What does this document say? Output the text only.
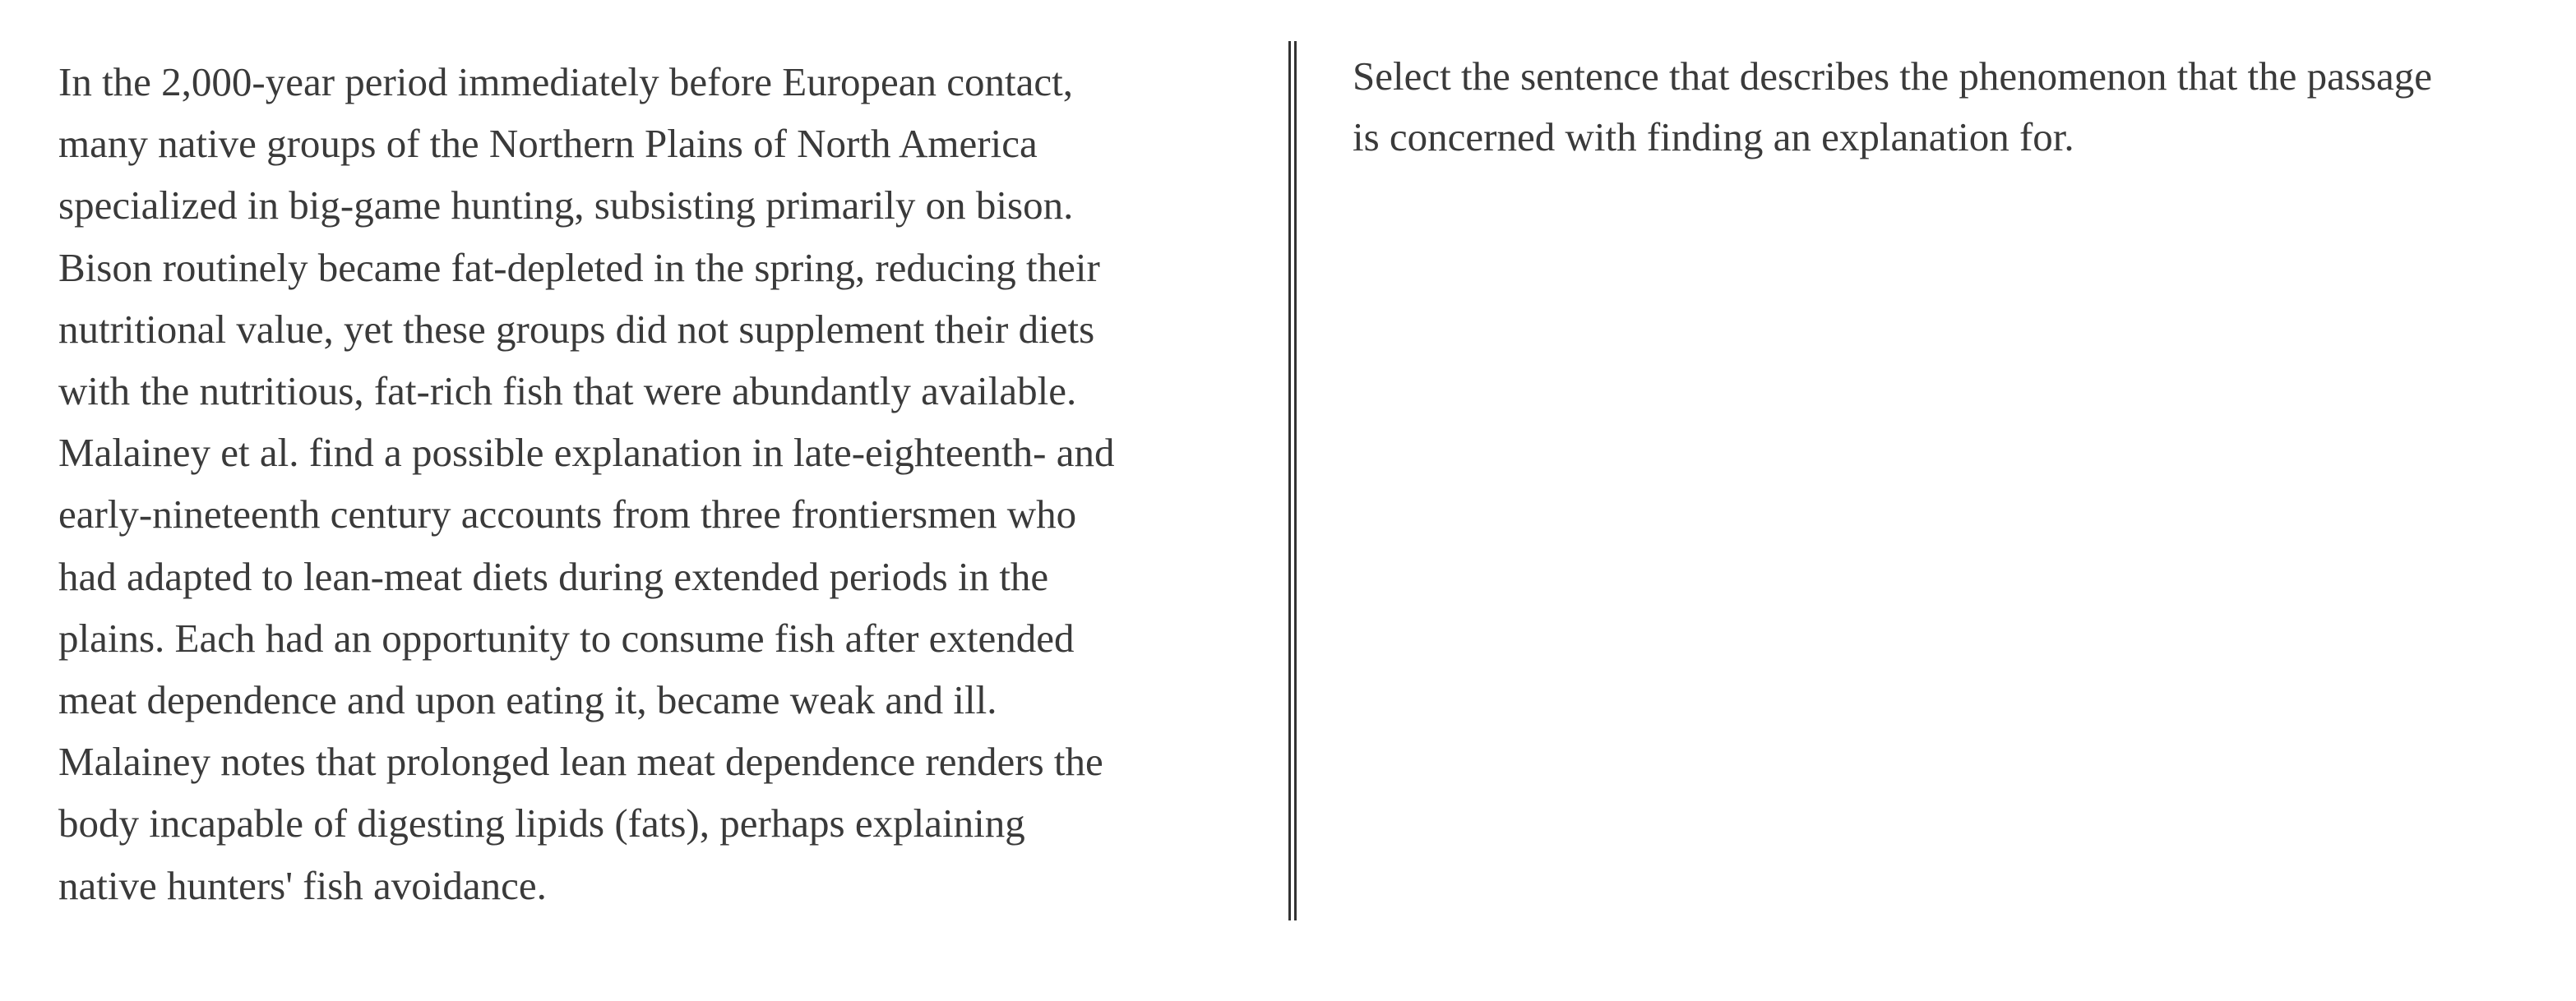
In the 2,000-year period immediately before European contact,
many native groups of the Northern Plains of North America
specialized in big-game hunting, subsisting primarily on bison.
Bison routinely became fat-depleted in the spring, reducing their
nutritional value, yet these groups did not supplement their diets
with the nutritious, fat-rich fish that were abundantly available.
Malainey et al. find a possible explanation in late-eighteenth- and
early-nineteenth century accounts from three frontiersmen who
had adapted to lean-meat diets during extended periods in the
plains. Each had an opportunity to consume fish after extended
meat dependence and upon eating it, became weak and ill.
Malainey notes that prolonged lean meat dependence renders the
body incapable of digesting lipids (fats), perhaps explaining
native hunters' fish avoidance.
Select the sentence that describes the phenomenon that the passage
is concerned with finding an explanation for.
